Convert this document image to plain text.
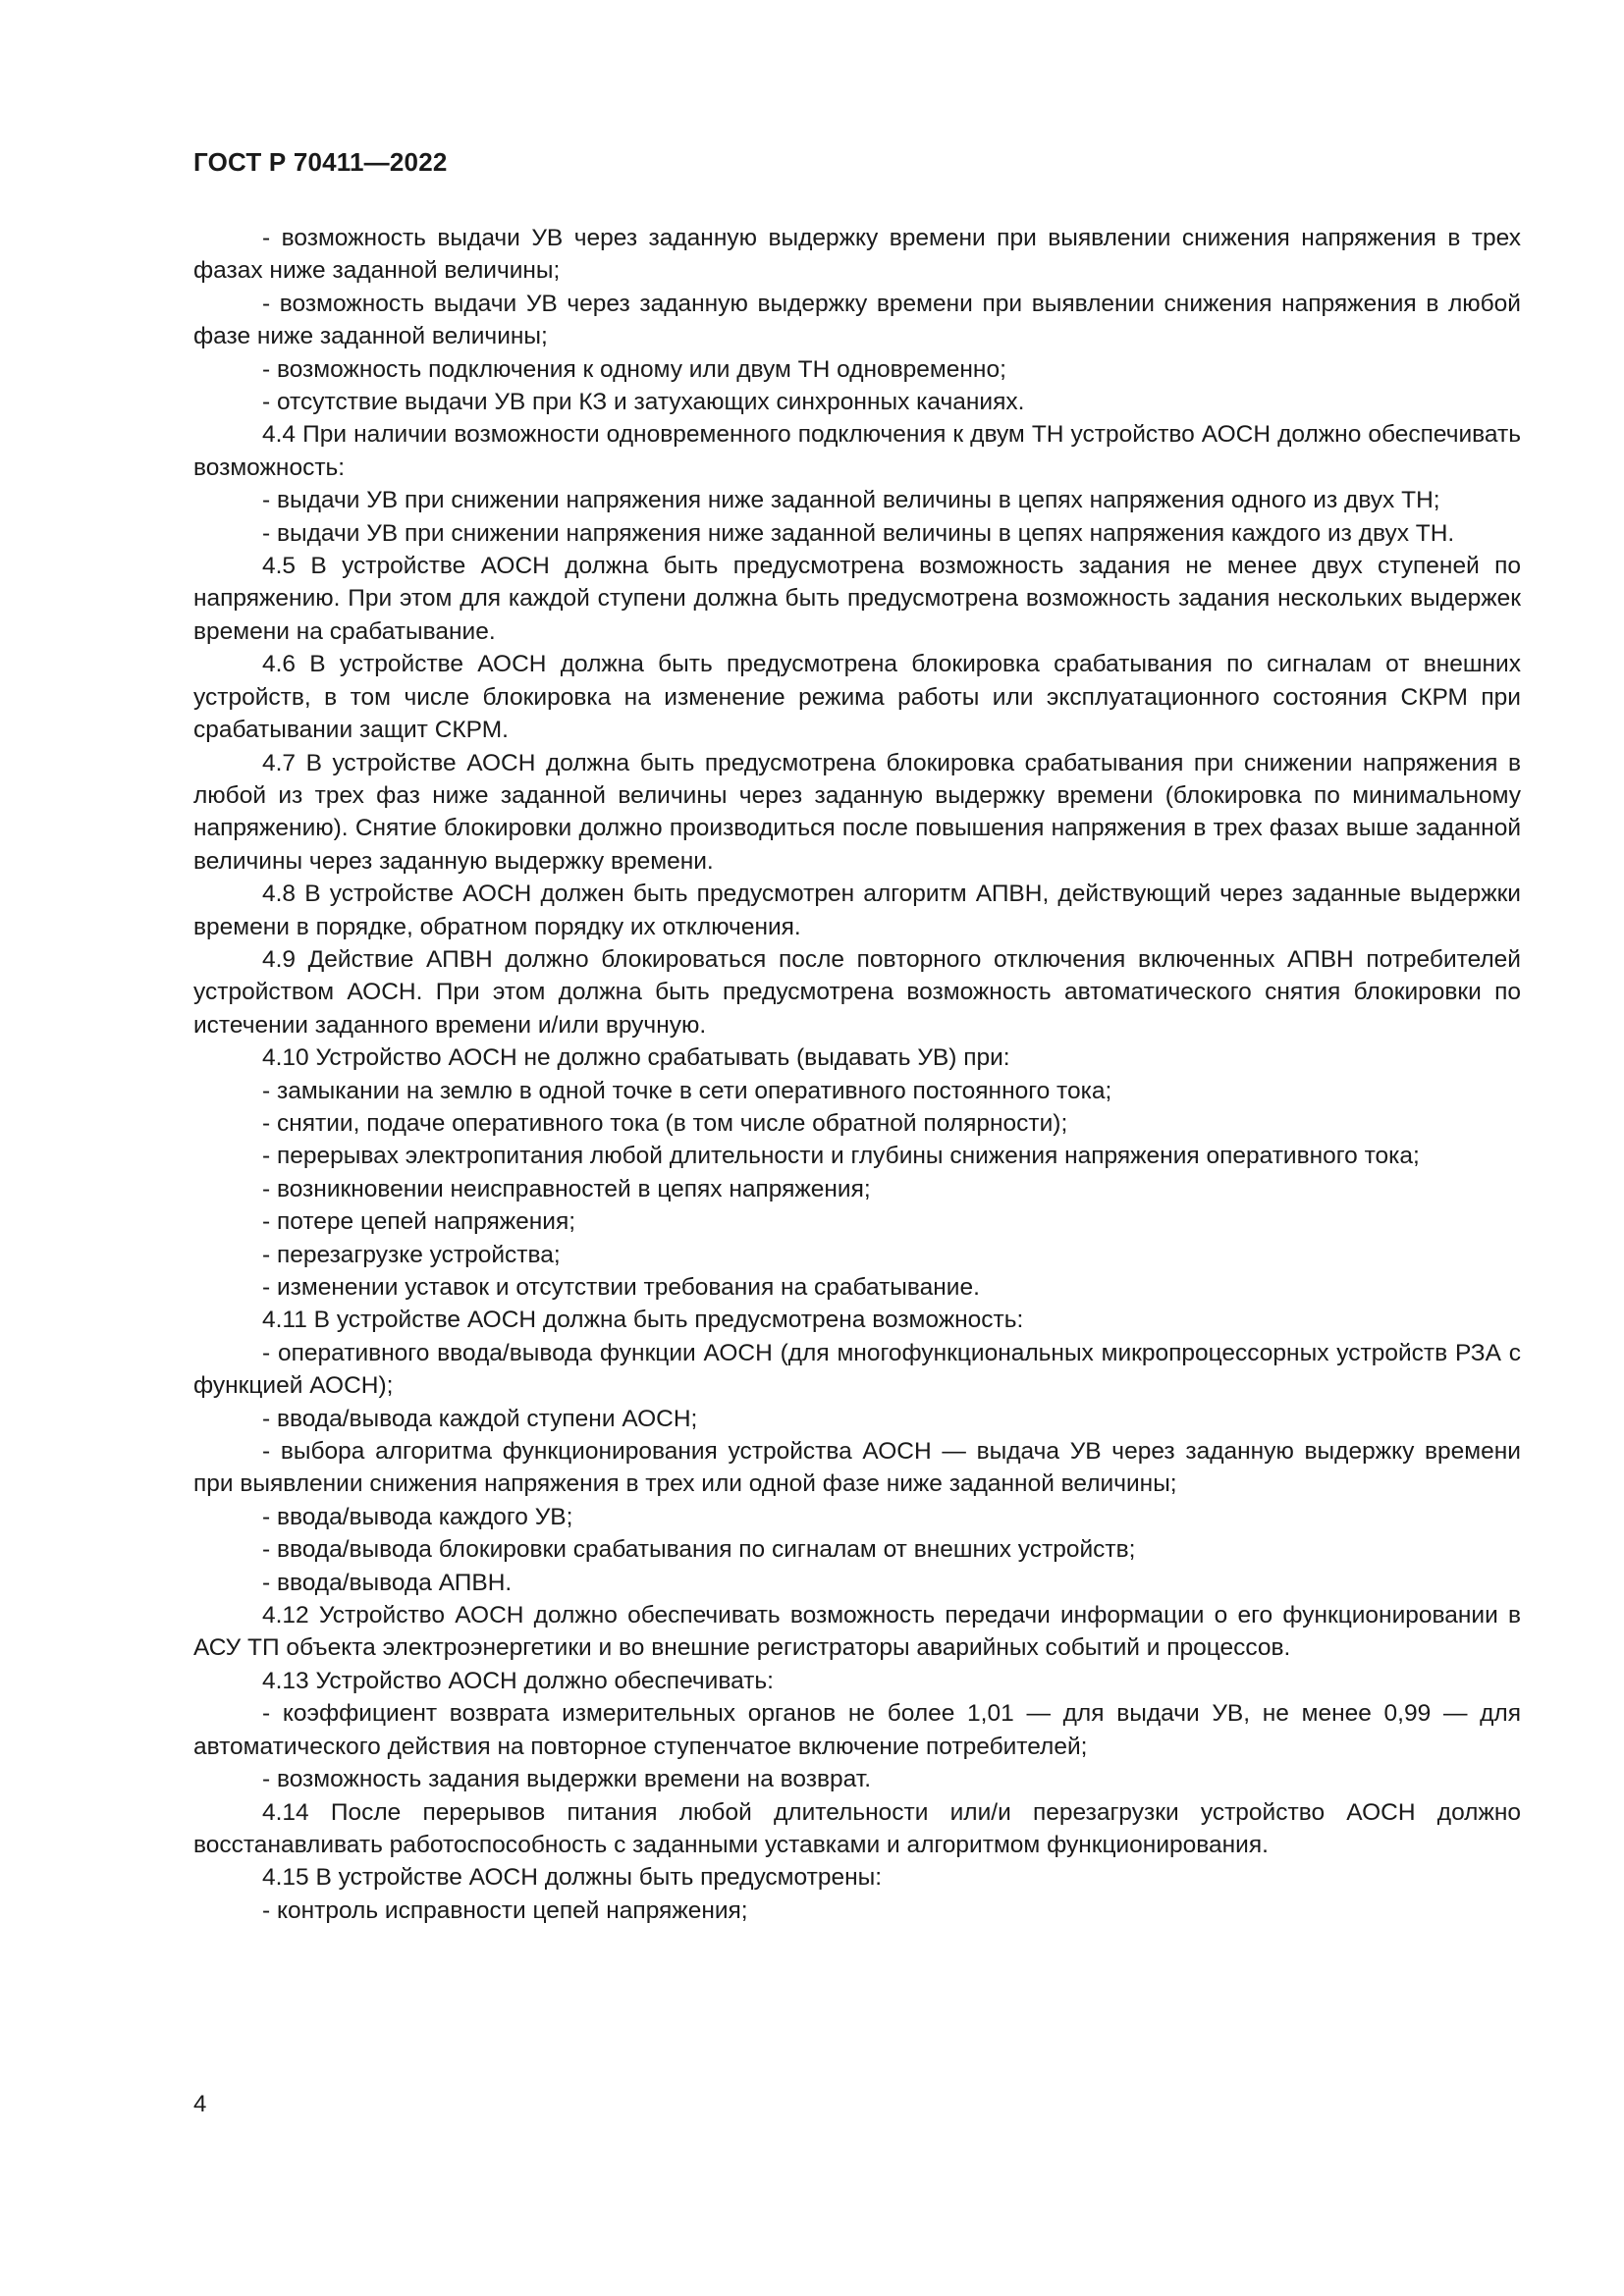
ГОСТ Р 70411—2022

- возможность выдачи УВ через заданную выдержку времени при выявлении снижения напряжения в трех фазах ниже заданной величины;

- возможность выдачи УВ через заданную выдержку времени при выявлении снижения напряжения в любой фазе ниже заданной величины;

- возможность подключения к одному или двум ТН одновременно;

- отсутствие выдачи УВ при КЗ и затухающих синхронных качаниях.

4.4 При наличии возможности одновременного подключения к двум ТН устройство АОСН должно обеспечивать возможность:

- выдачи УВ при снижении напряжения ниже заданной величины в цепях напряжения одного из двух ТН;

- выдачи УВ при снижении напряжения ниже заданной величины в цепях напряжения каждого из двух ТН.

4.5 В устройстве АОСН должна быть предусмотрена возможность задания не менее двух ступеней по напряжению. При этом для каждой ступени должна быть предусмотрена возможность задания нескольких выдержек времени на срабатывание.

4.6 В устройстве АОСН должна быть предусмотрена блокировка срабатывания по сигналам от внешних устройств, в том числе блокировка на изменение режима работы или эксплуатационного состояния СКРМ при срабатывании защит СКРМ.

4.7 В устройстве АОСН должна быть предусмотрена блокировка срабатывания при снижении напряжения в любой из трех фаз ниже заданной величины через заданную выдержку времени (блокировка по минимальному напряжению). Снятие блокировки должно производиться после повышения напряжения в трех фазах выше заданной величины через заданную выдержку времени.

4.8 В устройстве АОСН должен быть предусмотрен алгоритм АПВН, действующий через заданные выдержки времени в порядке, обратном порядку их отключения.

4.9 Действие АПВН должно блокироваться после повторного отключения включенных АПВН потребителей устройством АОСН. При этом должна быть предусмотрена возможность автоматического снятия блокировки по истечении заданного времени и/или вручную.

4.10 Устройство АОСН не должно срабатывать (выдавать УВ) при:

- замыкании на землю в одной точке в сети оперативного постоянного тока;

- снятии, подаче оперативного тока (в том числе обратной полярности);

- перерывах электропитания любой длительности и глубины снижения напряжения оперативного тока;

- возникновении неисправностей в цепях напряжения;

- потере цепей напряжения;

- перезагрузке устройства;

- изменении уставок и отсутствии требования на срабатывание.

4.11 В устройстве АОСН должна быть предусмотрена возможность:

- оперативного ввода/вывода функции АОСН (для многофункциональных микропроцессорных устройств РЗА с функцией АОСН);

- ввода/вывода каждой ступени АОСН;

- выбора алгоритма функционирования устройства АОСН — выдача УВ через заданную выдержку времени при выявлении снижения напряжения в трех или одной фазе ниже заданной величины;

- ввода/вывода каждого УВ;

- ввода/вывода блокировки срабатывания по сигналам от внешних устройств;

- ввода/вывода АПВН.

4.12 Устройство АОСН должно обеспечивать возможность передачи информации о его функционировании в АСУ ТП объекта электроэнергетики и во внешние регистраторы аварийных событий и процессов.

4.13 Устройство АОСН должно обеспечивать:

- коэффициент возврата измерительных органов не более 1,01 — для выдачи УВ, не менее 0,99 — для автоматического действия на повторное ступенчатое включение потребителей;

- возможность задания выдержки времени на возврат.

4.14 После перерывов питания любой длительности или/и перезагрузки устройство АОСН должно восстанавливать работоспособность с заданными уставками и алгоритмом функционирования.

4.15 В устройстве АОСН должны быть предусмотрены:

- контроль исправности цепей напряжения;

4
